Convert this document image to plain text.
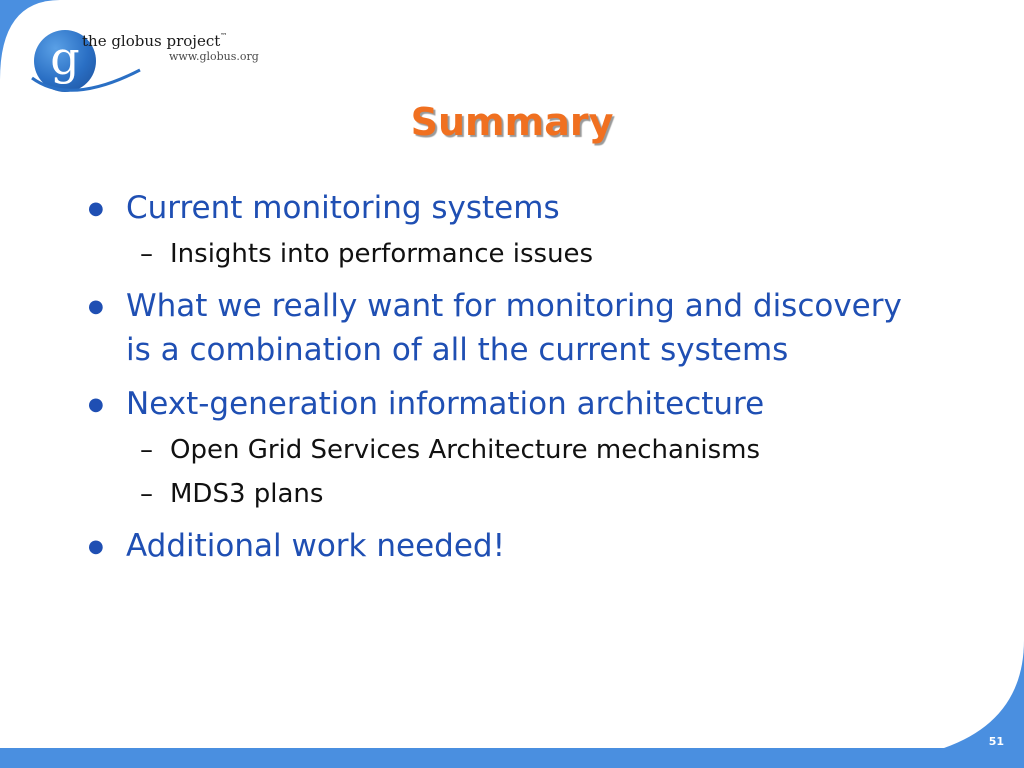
g the globus project™
www.globus.org
Summary
● Current monitoring systems
– Insights into performance issues
● What we really want for monitoring and discovery is a combination of all the current systems
● Next-generation information architecture
– Open Grid Services Architecture mechanisms
– MDS3 plans
● Additional work needed!
51
